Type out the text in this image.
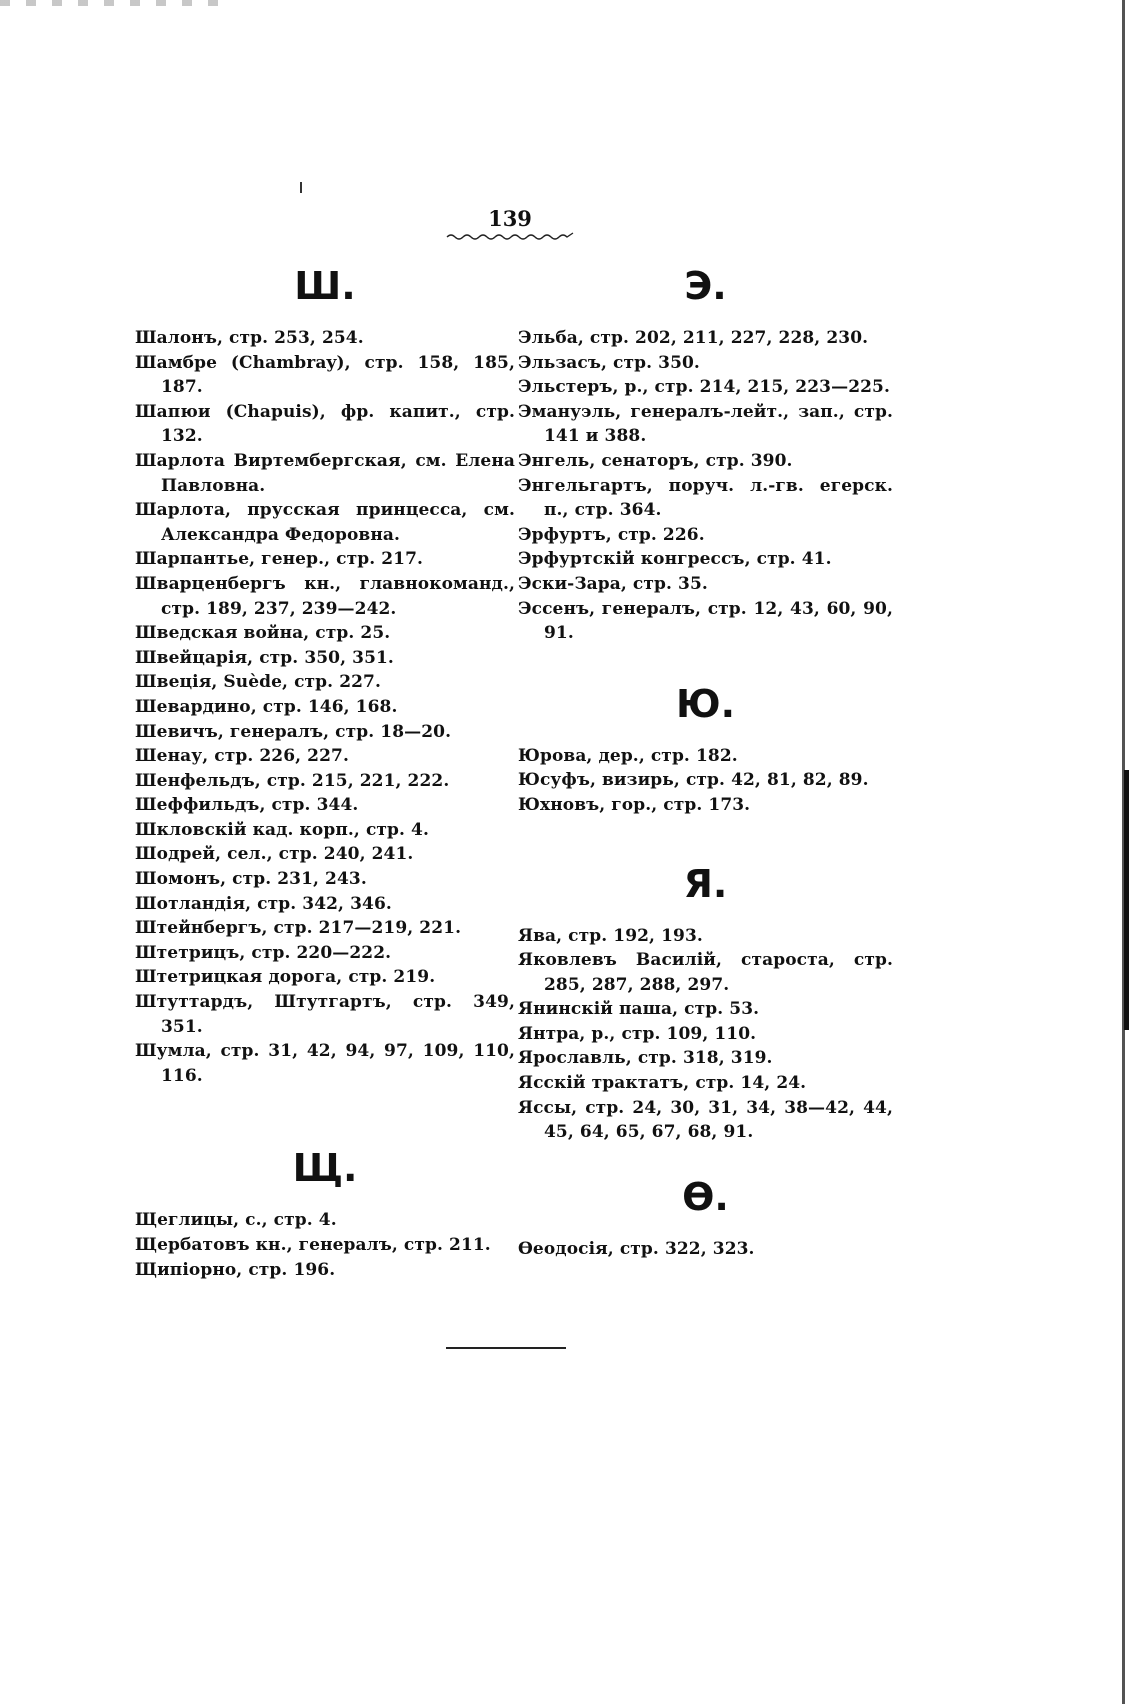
139
Ш.
Шалонъ, стр. 253, 254.
Шамбре (Chambray), стр. 158, 185, 187.
Шапюи (Chapuis), фр. капит., стр. 132.
Шарлота Виртембергская, см. Елена Павловна.
Шарлота, прусская принцесса, см. Александра Федоровна.
Шарпантье, генер., стр. 217.
Шварценбергъ кн., главнокоманд., стр. 189, 237, 239—242.
Шведская война, стр. 25.
Швейцарія, стр. 350, 351.
Швеція, Suède, стр. 227.
Шевардино, стр. 146, 168.
Шевичъ, генералъ, стр. 18—20.
Шенау, стр. 226, 227.
Шенфельдъ, стр. 215, 221, 222.
Шеффильдъ, стр. 344.
Шкловскій кад. корп., стр. 4.
Шодрей, сел., стр. 240, 241.
Шомонъ, стр. 231, 243.
Шотландія, стр. 342, 346.
Штейнбергъ, стр. 217—219, 221.
Штетрицъ, стр. 220—222.
Штетрицкая дорога, стр. 219.
Штуттардъ, Штутгартъ, стр. 349, 351.
Шумла, стр. 31, 42, 94, 97, 109, 110, 116.
Щ.
Щеглицы, с., стр. 4.
Щербатовъ кн., генералъ, стр. 211.
Щипіорно, стр. 196.
Э.
Эльба, стр. 202, 211, 227, 228, 230.
Эльзасъ, стр. 350.
Эльстеръ, р., стр. 214, 215, 223—225.
Эмануэль, генералъ-лейт., зап., стр. 141 и 388.
Энгель, сенаторъ, стр. 390.
Энгельгартъ, поруч. л.-гв. егерск. п., стр. 364.
Эрфуртъ, стр. 226.
Эрфуртскій конгрессъ, стр. 41.
Эски-Зара, стр. 35.
Эссенъ, генералъ, стр. 12, 43, 60, 90, 91.
Ю.
Юрова, дер., стр. 182.
Юсуфъ, визирь, стр. 42, 81, 82, 89.
Юхновъ, гор., стр. 173.
Я.
Ява, стр. 192, 193.
Яковлевъ Василій, староста, стр. 285, 287, 288, 297.
Янинскій паша, стр. 53.
Янтра, р., стр. 109, 110.
Ярославль, стр. 318, 319.
Ясскій трактатъ, стр. 14, 24.
Яссы, стр. 24, 30, 31, 34, 38—42, 44, 45, 64, 65, 67, 68, 91.
Ѳ.
Ѳеодосія, стр. 322, 323.
